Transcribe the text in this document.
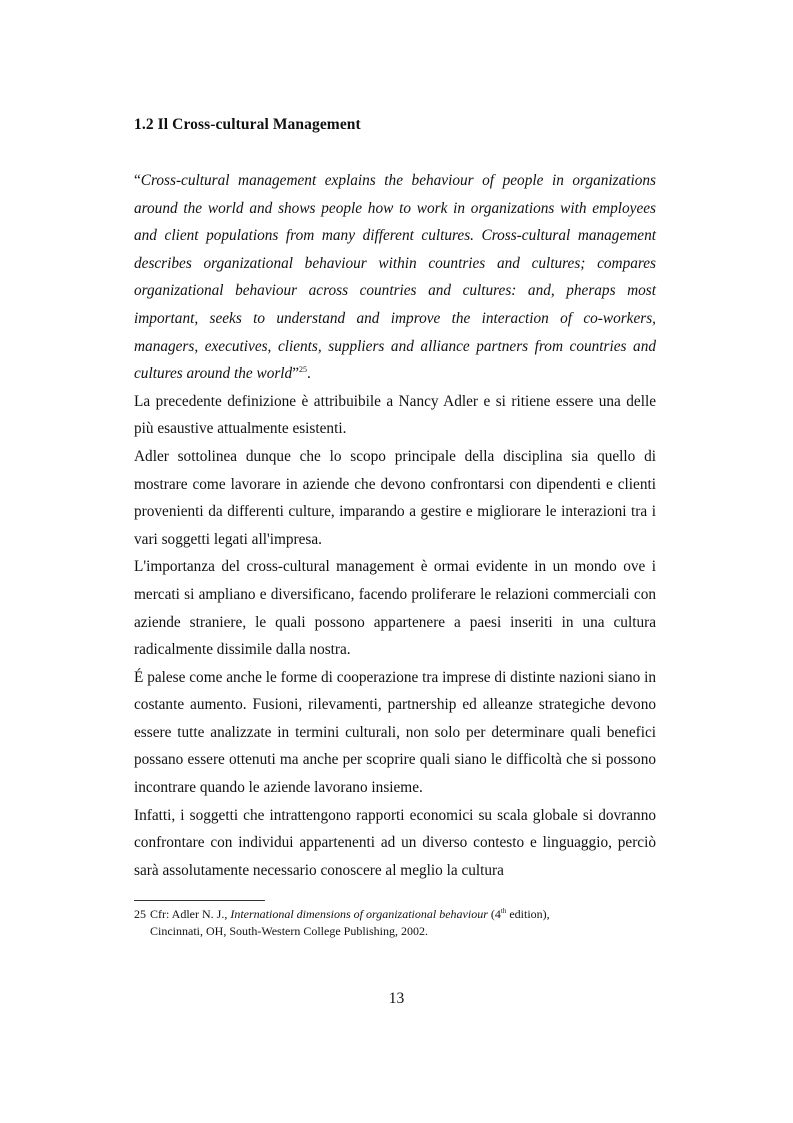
1.2 Il Cross-cultural Management

“Cross-cultural management explains the behaviour of people in organizations around the world and shows people how to work in organizations with employees and client populations from many different cultures. Cross-cultural management describes organizational behaviour within countries and cultures; compares organizational behaviour across countries and cultures: and, pheraps most important, seeks to understand and improve the interaction of co-workers, managers, executives, clients, suppliers and alliance partners from countries and cultures around the world”$^{25}$.

La precedente definizione è attribuibile a Nancy Adler e si ritiene essere una delle più esaustive attualmente esistenti.

Adler sottolinea dunque che lo scopo principale della disciplina sia quello di mostrare come lavorare in aziende che devono confrontarsi con dipendenti e clienti provenienti da differenti culture, imparando a gestire e migliorare le interazioni tra i vari soggetti legati all'impresa.

L'importanza del cross-cultural management è ormai evidente in un mondo ove i mercati si ampliano e diversificano, facendo proliferare le relazioni commerciali con aziende straniere, le quali possono appartenere a paesi inseriti in una cultura radicalmente dissimile dalla nostra.

É palese come anche le forme di cooperazione tra imprese di distinte nazioni siano in costante aumento. Fusioni, rilevamenti, partnership ed alleanze strategiche devono essere tutte analizzate in termini culturali, non solo per determinare quali benefici possano essere ottenuti ma anche per scoprire quali siano le difficoltà che si possono incontrare quando le aziende lavorano insieme.

Infatti, i soggetti che intrattengono rapporti economici su scala globale si dovranno confrontare con individui appartenenti ad un diverso contesto e linguaggio, perciò sarà assolutamente necessario conoscere al meglio la cultura

25 Cfr: Adler N. J., International dimensions of organizational behaviour (4th edition),
Cincinnati, OH, South-Western College Publishing, 2002.
13
